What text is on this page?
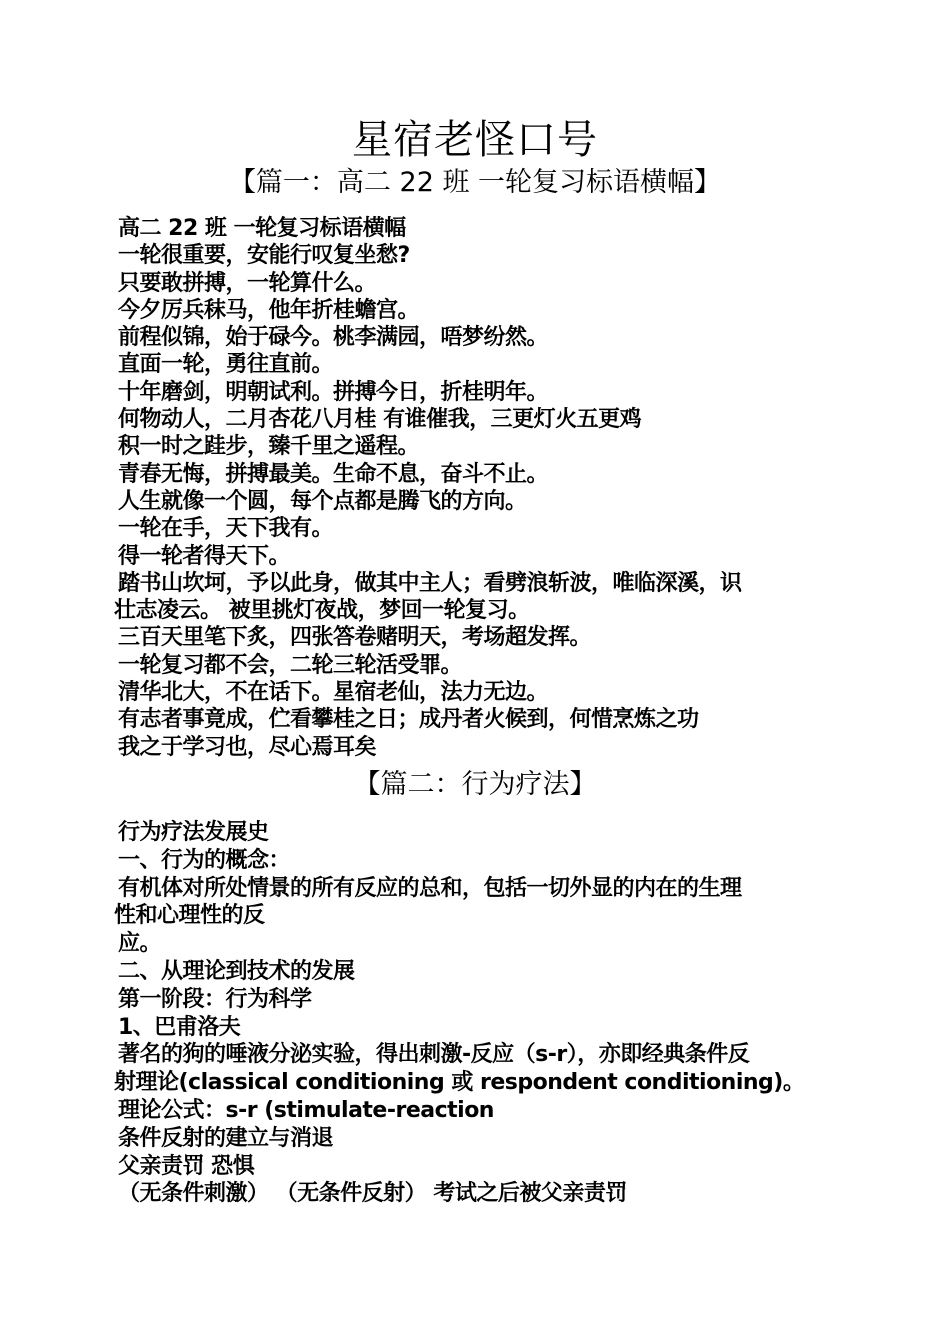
星宿老怪口号
【篇一：高二 22 班 一轮复习标语横幅】
高二 22 班 一轮复习标语横幅
一轮很重要，安能行叹复坐愁?
只要敢拼搏，一轮算什么。
今夕厉兵秣马，他年折桂蟾宫。
前程似锦，始于碌今。桃李满园，唔梦纷然。
直面一轮，勇往直前。
十年磨剑，明朝试利。拼搏今日，折桂明年。
何物动人，二月杏花八月桂 有谁催我，三更灯火五更鸡
积一时之跬步，臻千里之遥程。
青春无悔，拼搏最美。生命不息，奋斗不止。
人生就像一个圆，每个点都是腾飞的方向。
一轮在手，天下我有。
得一轮者得天下。
踏书山坎坷，予以此身，做其中主人；看劈浪斩波，唯临深溪，识
壮志凌云。 被里挑灯夜战，梦回一轮复习。
三百天里笔下炙，四张答卷赌明天，考场超发挥。
一轮复习都不会，二轮三轮活受罪。
清华北大，不在话下。星宿老仙，法力无边。
有志者事竟成，伫看攀桂之日；成丹者火候到，何惜烹炼之功
我之于学习也，尽心焉耳矣
【篇二：行为疗法】
行为疗法发展史
一、行为的概念：
有机体对所处情景的所有反应的总和，包括一切外显的内在的生理
性和心理性的反
应。
二、从理论到技术的发展
第一阶段：行为科学
1、巴甫洛夫
著名的狗的唾液分泌实验，得出刺激-反应（s-r），亦即经典条件反
射理论(classical conditioning 或 respondent conditioning)。
理论公式：s-r (stimulate-reaction
条件反射的建立与消退
父亲责罚 恐惧
（无条件刺激） （无条件反射） 考试之后被父亲责罚
